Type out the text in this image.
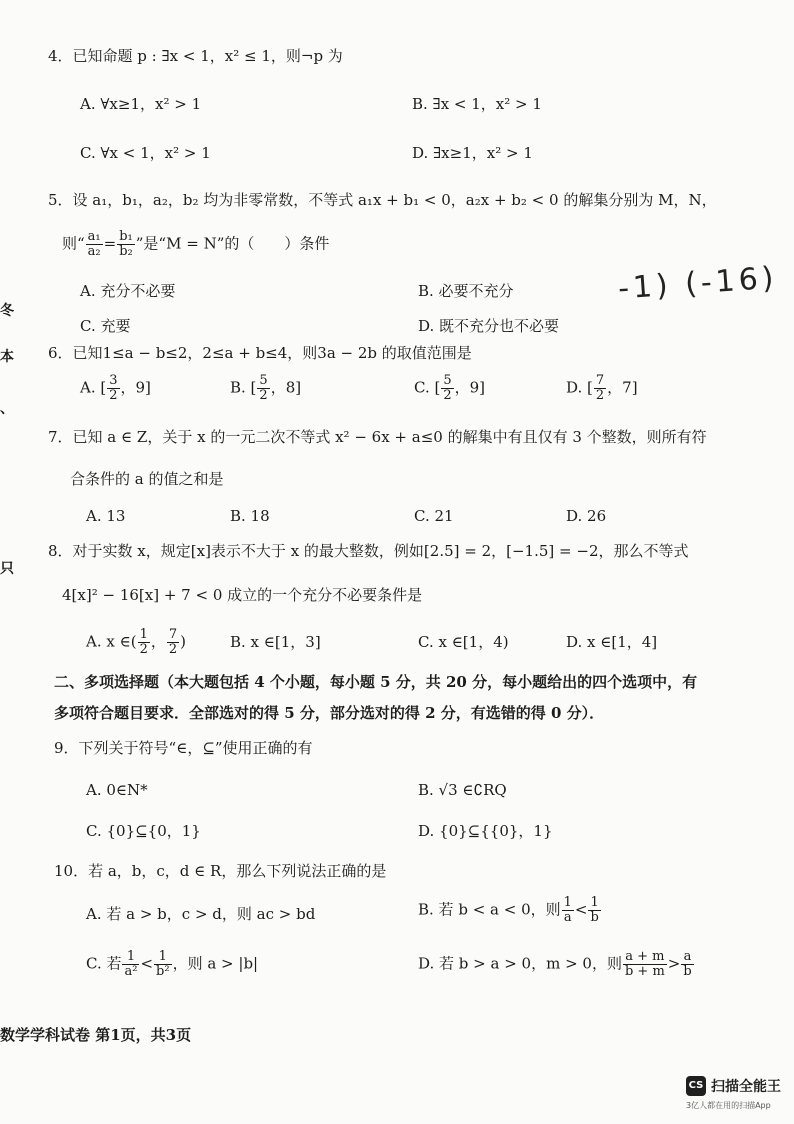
冬
本
、
只
4．已知命题 p : ∃x < 1，x² ≤ 1，则¬p 为
A. ∀x≥1，x² > 1	B. ∃x < 1，x² > 1
C. ∀x < 1，x² > 1	D. ∃x≥1，x² > 1
5．设 a₁，b₁，a₂，b₂ 均为非零常数，不等式 a₁x + b₁ < 0，a₂x + b₂ < 0 的解集分别为 M，N，
则“ $\frac{\text{a₁}}{\text{a₂}} = \frac{\text{b₁}}{\text{b₂}}$ ”是“M = N”的（　　）条件
A. 充分不必要	B. 必要不充分
C. 充要	D. 既不充分也不必要
-1) (-16)
6．已知1≤a − b≤2，2≤a + b≤4，则3a − 2b 的取值范围是
A. [ $\frac{3}{2}$ ，9]	B. [ $\frac{5}{2}$ ，8]	C. [ $\frac{5}{2}$ ，9]	D. [ $\frac{7}{2}$ ，7]
7．已知 a ∈ Z，关于 x 的一元二次不等式 x² − 6x + a≤0 的解集中有且仅有 3 个整数，则所有符
合条件的 a 的值之和是
A. 13	B. 18	C. 21	D. 26
8．对于实数 x，规定[x]表示不大于 x 的最大整数，例如[2.5] = 2，[−1.5] = −2，那么不等式
4[x]² − 16[x] + 7 < 0 成立的一个充分不必要条件是
A. x ∈( $\frac{1}{2}$ ， $\frac{7}{2}$ )	B. x ∈[1，3]	C. x ∈[1，4)	D. x ∈[1，4]
二、多项选择题（本大题包括 4 个小题，每小题 5 分，共 20 分，每小题给出的四个选项中，有
多项符合题目要求．全部选对的得 5 分，部分选对的得 2 分，有选错的得 0 分）．
9．下列关于符号“∈，⊆”使用正确的有
A. 0∈N*	B. √3 ∈∁RQ
C. {0}⊆{0，1}	D. {0}⊆{{0}，1}
10．若 a，b，c，d ∈ R，那么下列说法正确的是
A. 若 a > b，c > d，则 ac > bd	B. 若 b < a < 0，则 $\frac{1}{a} < \frac{1}{b}$
C. 若 $\frac{1}{\text{a²}} < \frac{1}{\text{b²}}$ ，则 a > |b|	D. 若 b > a > 0，m > 0，则 $\frac{a + m}{b + m} > \frac{a}{b}$
数学学科试卷 第1页，共3页
CS 扫描全能王
3亿人都在用的扫描App
